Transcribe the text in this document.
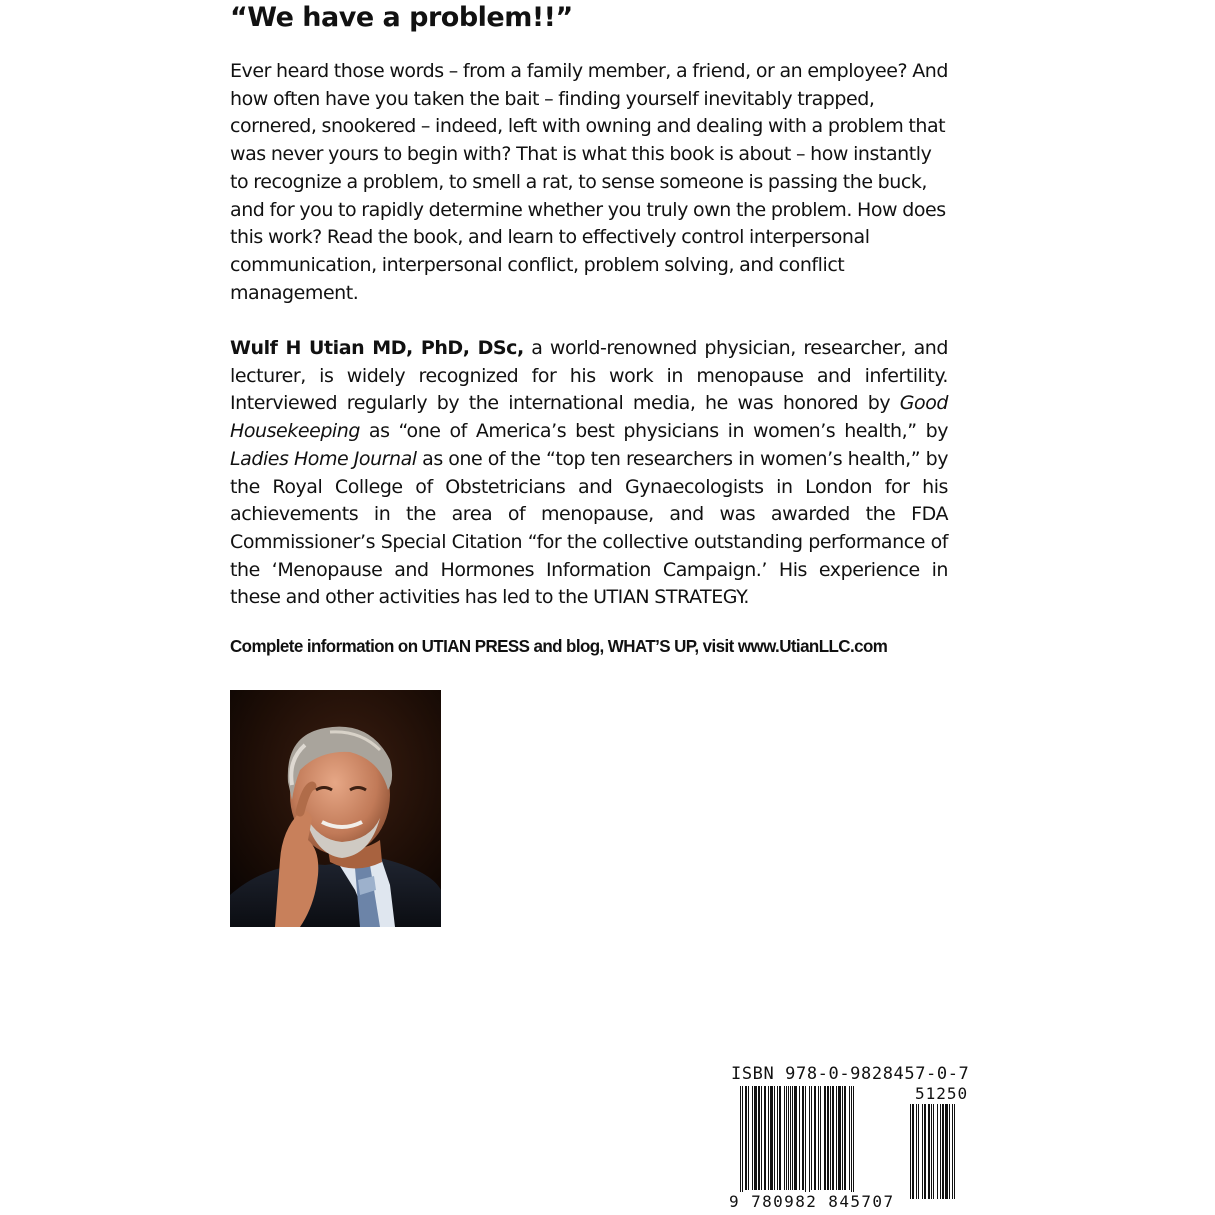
“We have a problem!!”

Ever heard those words – from a family member, a friend, or an employee? And how often have you taken the bait – finding yourself inevitably trapped, cornered, snookered – indeed, left with owning and dealing with a problem that was never yours to begin with? That is what this book is about – how instantly to recognize a problem, to smell a rat, to sense someone is passing the buck, and for you to rapidly determine whether you truly own the problem. How does this work? Read the book, and learn to effectively control interpersonal communication, interpersonal conflict, problem solving, and conflict management.

Wulf H Utian MD, PhD, DSc, a world-renowned physician, researcher, and lecturer, is widely recognized for his work in menopause and infertility. Interviewed regularly by the international media, he was honored by Good Housekeeping as “one of America’s best physicians in women’s health,” by Ladies Home Journal as one of the “top ten researchers in women’s health,” by the Royal College of Obstetricians and Gynaecologists in London for his achievements in the area of menopause, and was awarded the FDA Commissioner’s Special Citation “for the collective outstanding performance of the ‘Menopause and Hormones Information Campaign.’ His experience in these and other activities has led to the UTIAN STRATEGY.

Complete information on UTIAN PRESS and blog, WHAT’S UP, visit www.UtianLLC.com

ISBN 978-0-9828457-0-7

51250

9 780982 845707
